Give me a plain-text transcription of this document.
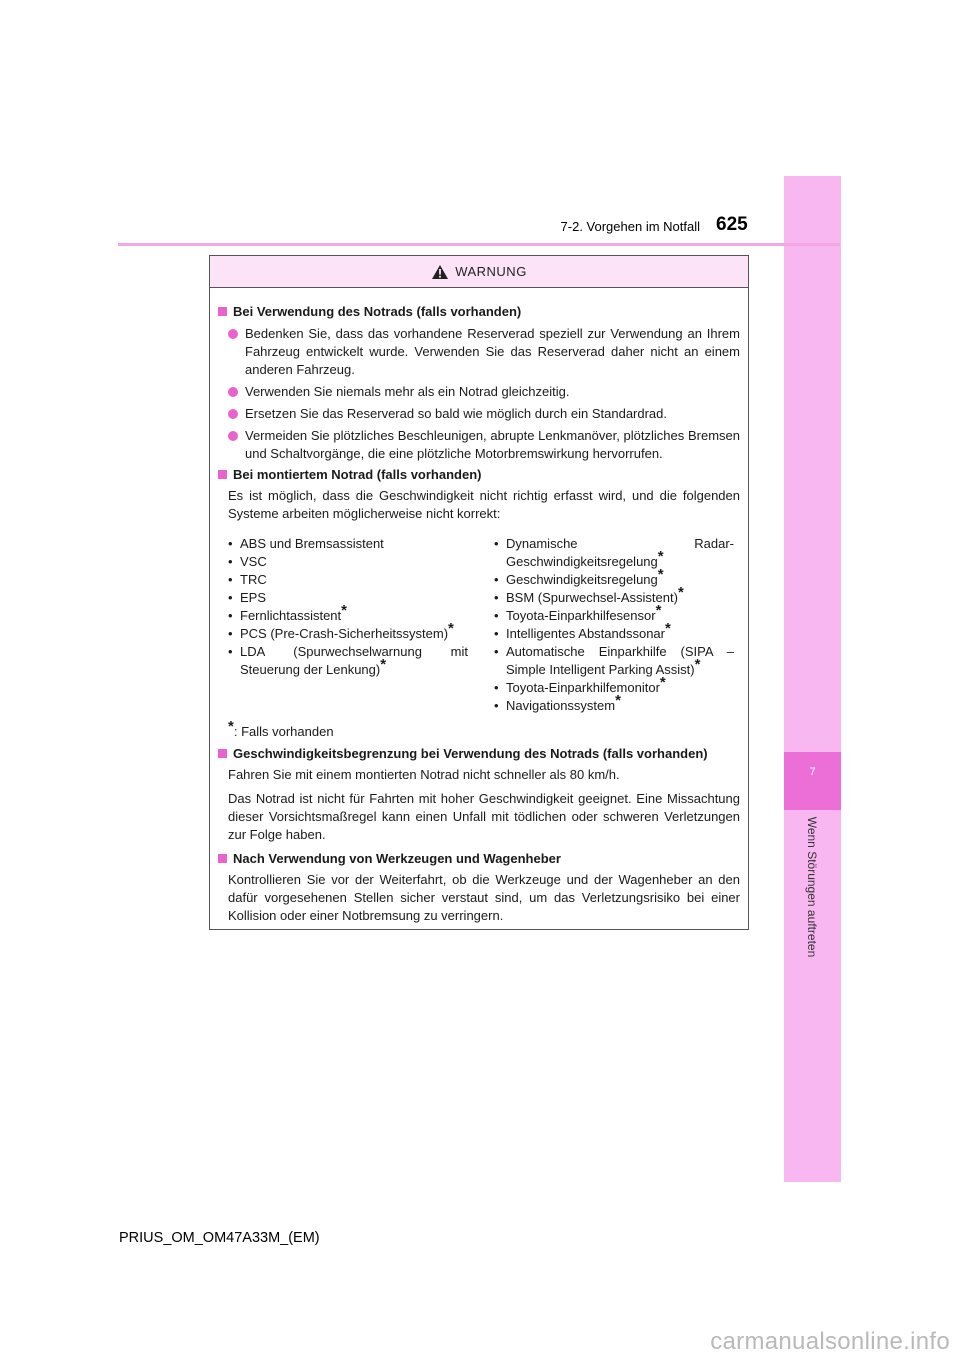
7
Wenn Störungen auftreten
7-2. Vorgehen im Notfall 625
WARNUNG
Bei Verwendung des Notrads (falls vorhanden)
Bedenken Sie, dass das vorhandene Reserverad speziell zur Verwendung an Ihrem Fahrzeug entwickelt wurde. Verwenden Sie das Reserverad daher nicht an einem anderen Fahrzeug.
Verwenden Sie niemals mehr als ein Notrad gleichzeitig.
Ersetzen Sie das Reserverad so bald wie möglich durch ein Standardrad.
Vermeiden Sie plötzliches Beschleunigen, abrupte Lenkmanöver, plötzliches Bremsen und Schaltvorgänge, die eine plötzliche Motorbremswirkung hervorrufen.
Bei montiertem Notrad (falls vorhanden)
Es ist möglich, dass die Geschwindigkeit nicht richtig erfasst wird, und die folgenden Systeme arbeiten möglicherweise nicht korrekt:
• ABS und Bremsassistent
• VSC
• TRC
• EPS
• Fernlichtassistent*
• PCS (Pre-Crash-Sicherheitssystem)*
• LDA (Spurwechselwarnung mit Steuerung der Lenkung)*
• Dynamische Radar-Geschwindigkeitsregelung*
• Geschwindigkeitsregelung*
• BSM (Spurwechsel-Assistent)*
• Toyota-Einparkhilfesensor*
• Intelligentes Abstandssonar*
• Automatische Einparkhilfe (SIPA – Simple Intelligent Parking Assist)*
• Toyota-Einparkhilfemonitor*
• Navigationssystem*
*: Falls vorhanden
Geschwindigkeitsbegrenzung bei Verwendung des Notrads (falls vorhanden)
Fahren Sie mit einem montierten Notrad nicht schneller als 80 km/h.
Das Notrad ist nicht für Fahrten mit hoher Geschwindigkeit geeignet. Eine Missachtung dieser Vorsichtsmaßregel kann einen Unfall mit tödlichen oder schweren Verletzungen zur Folge haben.
Nach Verwendung von Werkzeugen und Wagenheber
Kontrollieren Sie vor der Weiterfahrt, ob die Werkzeuge und der Wagenheber an den dafür vorgesehenen Stellen sicher verstaut sind, um das Verletzungsrisiko bei einer Kollision oder einer Notbremsung zu verringern.
PRIUS_OM_OM47A33M_(EM)
carmanualsonline.info
